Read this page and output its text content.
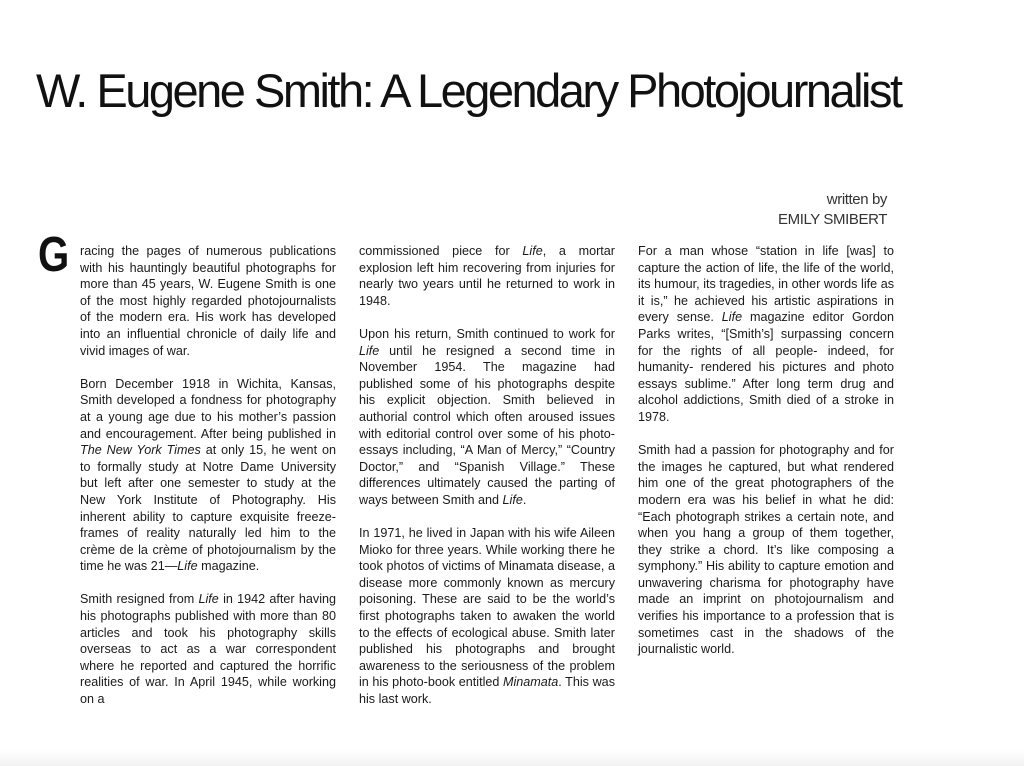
W. Eugene Smith: A Legendary Photojournalist
written by
EMILY SMIBERT
G racing the pages of numerous publications with his hauntingly beautiful photographs for more than 45 years, W. Eugene Smith is one of the most highly regarded photojournalists of the modern era. His work has developed into an influential chronicle of daily life and vivid images of war.

Born December 1918 in Wichita, Kansas, Smith developed a fondness for photography at a young age due to his mother’s passion and encouragement. After being published in The New York Times at only 15, he went on to formally study at Notre Dame University but left after one semester to study at the New York Institute of Photography. His inherent ability to capture exquisite freeze-frames of reality naturally led him to the crème de la crème of photojournalism by the time he was 21—Life magazine.

Smith resigned from Life in 1942 after having his photographs published with more than 80 articles and took his photography skills overseas to act as a war correspondent where he reported and captured the horrific realities of war. In April 1945, while working on a

commissioned piece for Life, a mortar explosion left him recovering from injuries for nearly two years until he returned to work in 1948.

Upon his return, Smith continued to work for Life until he resigned a second time in November 1954. The magazine had published some of his photographs despite his explicit objection. Smith believed in authorial control which often aroused issues with editorial control over some of his photo-essays including, “A Man of Mercy,” “Country Doctor,” and “Spanish Village.” These differences ultimately caused the parting of ways between Smith and Life.

In 1971, he lived in Japan with his wife Aileen Mioko for three years. While working there he took photos of victims of Minamata disease, a disease more commonly known as mercury poisoning. These are said to be the world’s first photographs taken to awaken the world to the effects of ecological abuse. Smith later published his photographs and brought awareness to the seriousness of the problem in his photo-book entitled Minamata. This was his last work.

For a man whose “station in life [was] to capture the action of life, the life of the world, its humour, its tragedies, in other words life as it is,” he achieved his artistic aspirations in every sense. Life magazine editor Gordon Parks writes, “[Smith’s] surpassing concern for the rights of all people- indeed, for humanity- rendered his pictures and photo essays sublime.” After long term drug and alcohol addictions, Smith died of a stroke in 1978.

Smith had a passion for photography and for the images he captured, but what rendered him one of the great photographers of the modern era was his belief in what he did: “Each photograph strikes a certain note, and when you hang a group of them together, they strike a chord. It’s like composing a symphony.” His ability to capture emotion and unwavering charisma for photography have made an imprint on photojournalism and verifies his importance to a profession that is sometimes cast in the shadows of the journalistic world.
